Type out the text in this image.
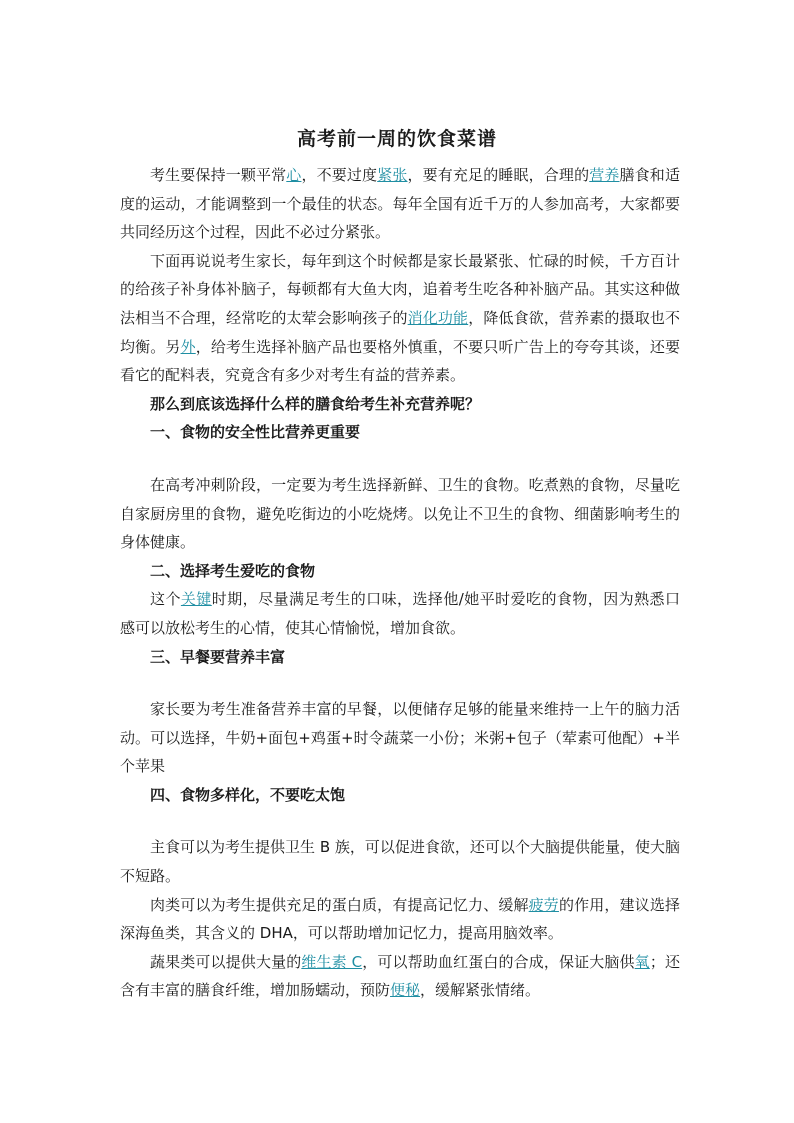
高考前一周的饮食菜谱

考生要保持一颗平常心，不要过度紧张，要有充足的睡眠，合理的营养膳食和适度的运动，才能调整到一个最佳的状态。每年全国有近千万的人参加高考，大家都要共同经历这个过程，因此不必过分紧张。

下面再说说考生家长，每年到这个时候都是家长最紧张、忙碌的时候，千方百计的给孩子补身体补脑子，每顿都有大鱼大肉，追着考生吃各种补脑产品。其实这种做法相当不合理，经常吃的太荤会影响孩子的消化功能，降低食欲，营养素的摄取也不均衡。另外，给考生选择补脑产品也要格外慎重，不要只听广告上的夸夸其谈，还要看它的配料表，究竟含有多少对考生有益的营养素。

那么到底该选择什么样的膳食给考生补充营养呢？

一、食物的安全性比营养更重要

在高考冲刺阶段，一定要为考生选择新鲜、卫生的食物。吃煮熟的食物，尽量吃自家厨房里的食物，避免吃街边的小吃烧烤。以免让不卫生的食物、细菌影响考生的身体健康。

二、选择考生爱吃的食物

这个关键时期，尽量满足考生的口味，选择他/她平时爱吃的食物，因为熟悉口感可以放松考生的心情，使其心情愉悦，增加食欲。

三、早餐要营养丰富

家长要为考生准备营养丰富的早餐，以便储存足够的能量来维持一上午的脑力活动。可以选择，牛奶+面包+鸡蛋+时令蔬菜一小份；米粥+包子（荤素可他配）+半个苹果

四、食物多样化，不要吃太饱

主食可以为考生提供卫生 B 族，可以促进食欲，还可以个大脑提供能量，使大脑不短路。

肉类可以为考生提供充足的蛋白质，有提高记忆力、缓解疲劳的作用，建议选择深海鱼类，其含义的 DHA，可以帮助增加记忆力，提高用脑效率。

蔬果类可以提供大量的维生素 C，可以帮助血红蛋白的合成，保证大脑供氧；还含有丰富的膳食纤维，增加肠蠕动，预防便秘，缓解紧张情绪。
